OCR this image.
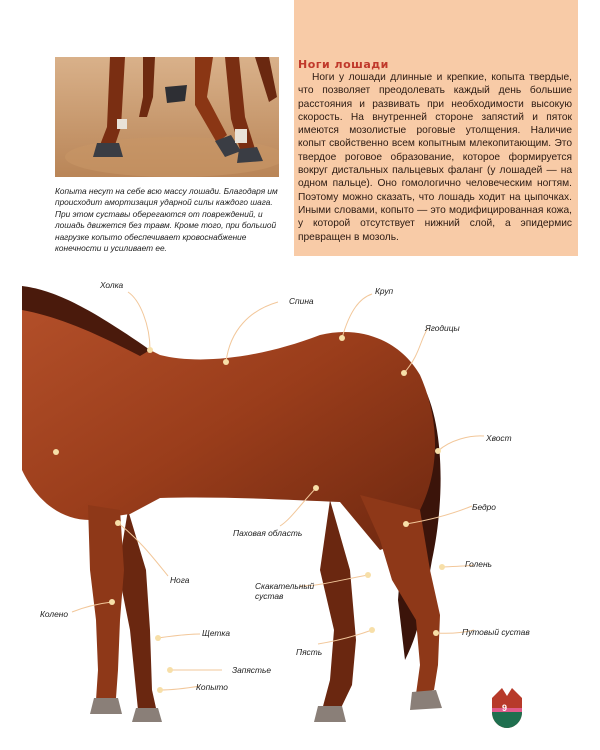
Ноги лошади

Ноги у лошади длинные и крепкие, копыта твердые, что позволяет преодолевать каждый день большие расстояния и развивать при необходимости высокую скорость. На внутренней стороне запястий и пяток имеются мозолистые роговые утолщения. Наличие копыт свойственно всем копытным млекопитающим. Это твердое роговое образование, которое формируется вокруг дистальных пальцевых фаланг (у лошадей — на одном пальце). Оно гомологично человеческим ногтям. Поэтому можно сказать, что лошадь ходит на цыпочках. Иными словами, копыто — это модифицированная кожа, у которой отсутствует нижний слой, а эпидермис превращен в мозоль.

Копыта несут на себе всю массу лошади. Благодаря им происходит амортизация ударной силы каждого шага. При этом суставы оберегаются от повреждений, и лошадь движется без травм. Кроме того, при большой нагрузке копыто обеспечивает кровоснабжение конечности и усиливает ее.

Холка
Спина
Круп
Ягодицы
Хвост
Бедро
Паховая область
Нога
Скакательный сустав
Голень
Колено
Путовый сустав
Щетка
Пясть
Запястье
Копыто
9
